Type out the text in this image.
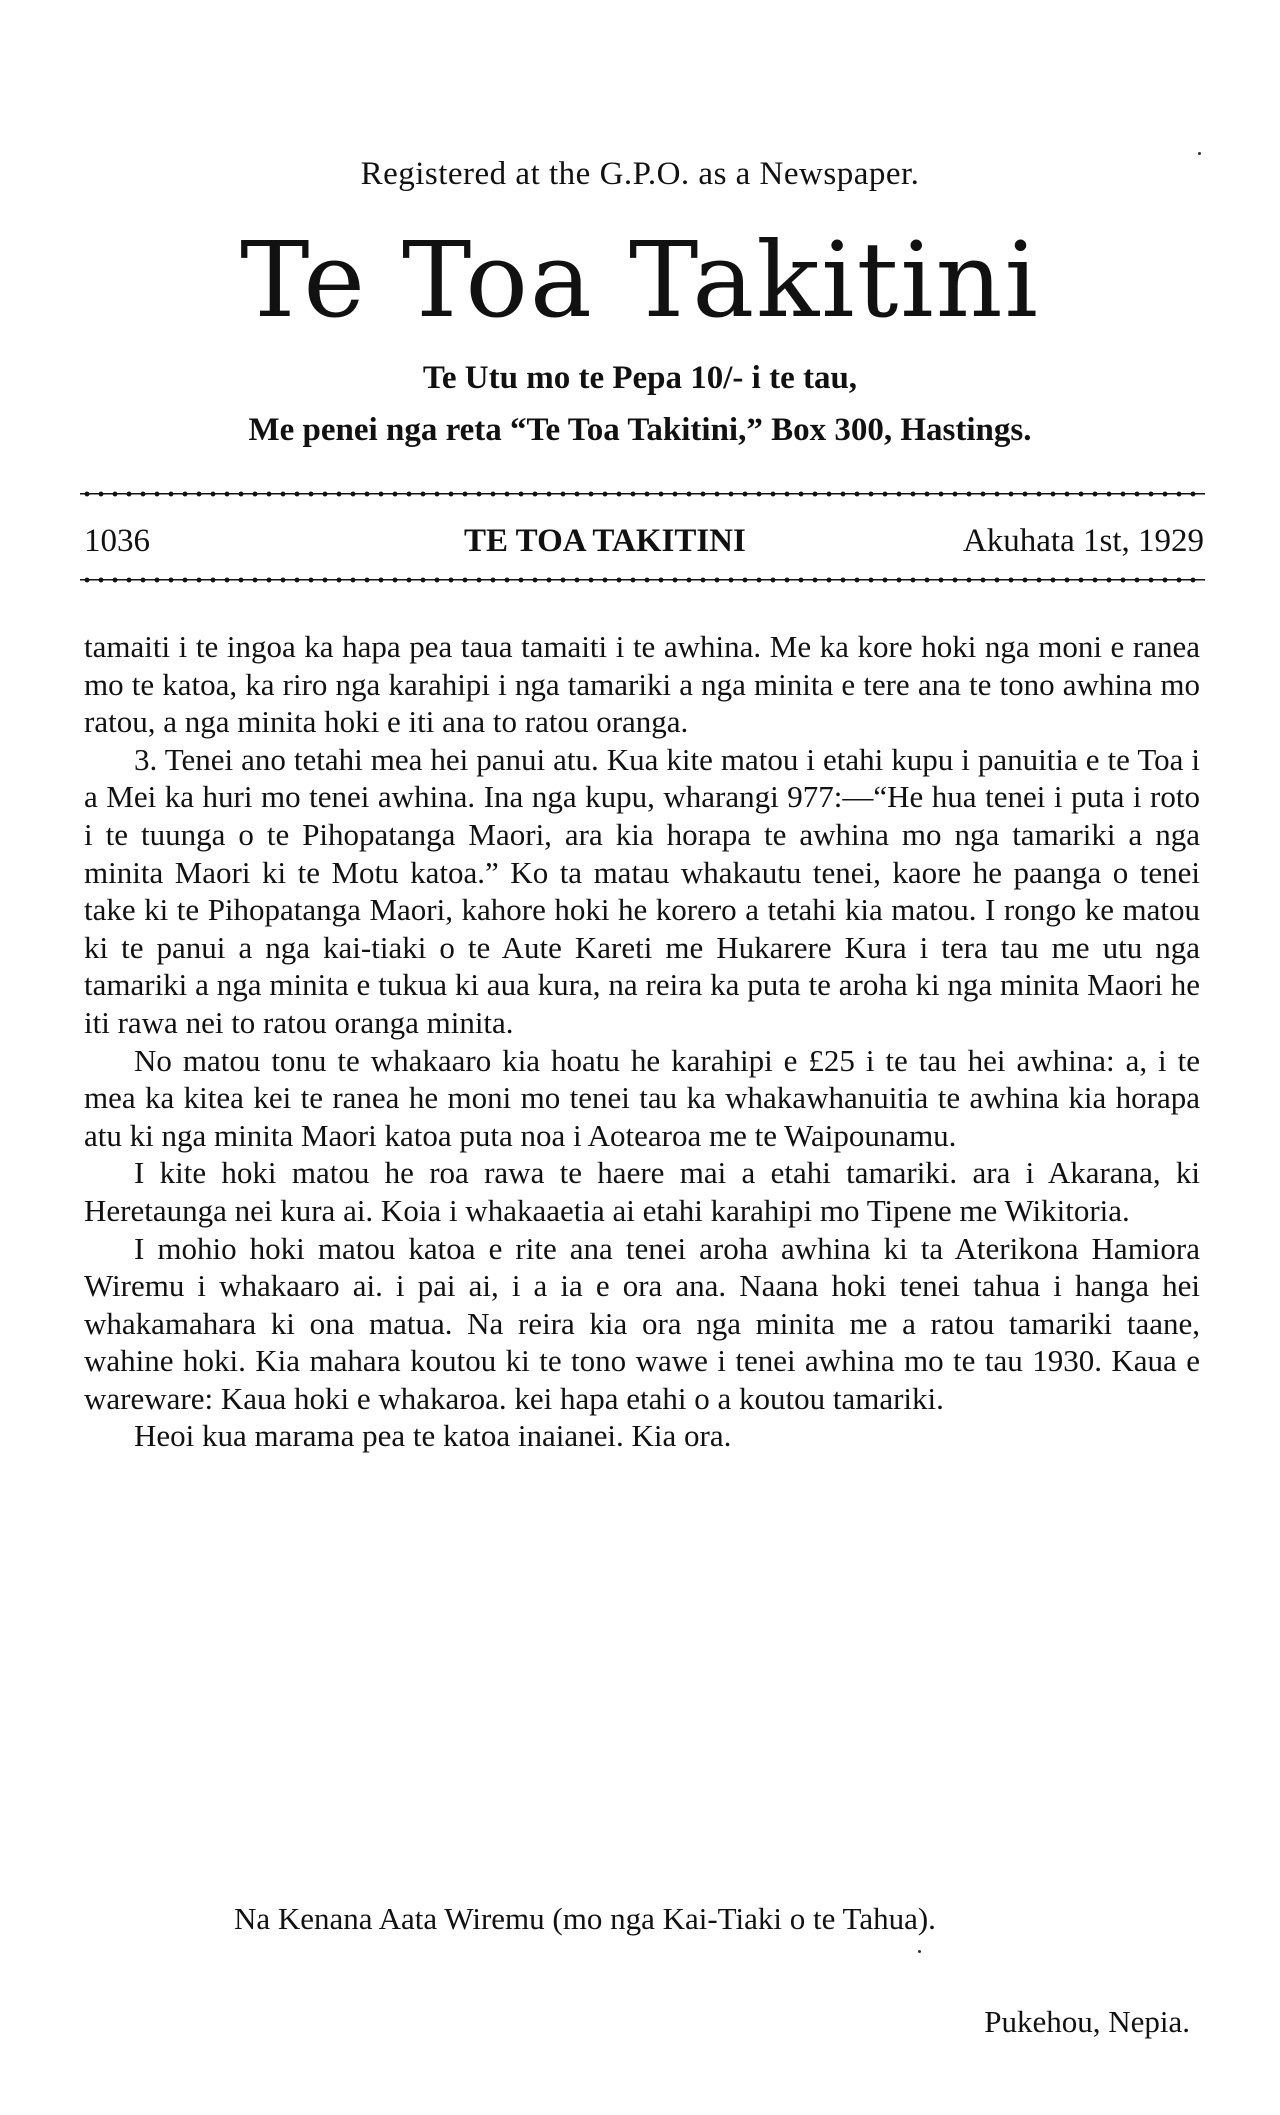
Registered at the G.P.O. as a Newspaper.
Te Toa Takitini
Te Utu mo te Pepa 10/- i te tau,
Me penei nga reta “Te Toa Takitini,” Box 300, Hastings.
1036	TE TOA TAKITINI	Akuhata 1st, 1929

tamaiti i te ingoa ka hapa pea taua tamaiti i te awhina. Me ka kore hoki nga moni e ranea mo te katoa, ka riro nga karahipi i nga tamariki a nga minita e tere ana te tono awhina mo ratou, a nga minita hoki e iti ana to ratou oranga.

3. Tenei ano tetahi mea hei panui atu. Kua kite matou i etahi kupu i panuitia e te Toa i a Mei ka huri mo tenei awhina. Ina nga kupu, wharangi 977:—“He hua tenei i puta i roto i te tuunga o te Pihopatanga Maori, ara kia horapa te awhina mo nga tamariki a nga minita Maori ki te Motu katoa.” Ko ta matau whakautu tenei, kaore he paanga o tenei take ki te Pihopatanga Maori, kahore hoki he korero a tetahi kia matou. I rongo ke matou ki te panui a nga kai-tiaki o te Aute Kareti me Hukarere Kura i tera tau me utu nga tamariki a nga minita e tukua ki aua kura, na reira ka puta te aroha ki nga minita Maori he iti rawa nei to ratou oranga minita.

No matou tonu te whakaaro kia hoatu he karahipi e £25 i te tau hei awhina: a, i te mea ka kitea kei te ranea he moni mo tenei tau ka whakawhanuitia te awhina kia horapa atu ki nga minita Maori katoa puta noa i Aotearoa me te Waipounamu.

I kite hoki matou he roa rawa te haere mai a etahi tamariki. ara i Akarana, ki Heretaunga nei kura ai. Koia i whakaaetia ai etahi karahipi mo Tipene me Wikitoria.

I mohio hoki matou katoa e rite ana tenei aroha awhina ki ta Aterikona Hamiora Wiremu i whakaaro ai. i pai ai, i a ia e ora ana. Naana hoki tenei tahua i hanga hei whakamahara ki ona matua. Na reira kia ora nga minita me a ratou tamariki taane, wahine hoki. Kia mahara koutou ki te tono wawe i tenei awhina mo te tau 1930. Kaua e wareware: Kaua hoki e whakaroa. kei hapa etahi o a koutou tamariki.

Heoi kua marama pea te katoa inaianei. Kia ora.

Na Kenana Aata Wiremu (mo nga Kai-Tiaki o te Tahua).

Pukehou, Nepia.
